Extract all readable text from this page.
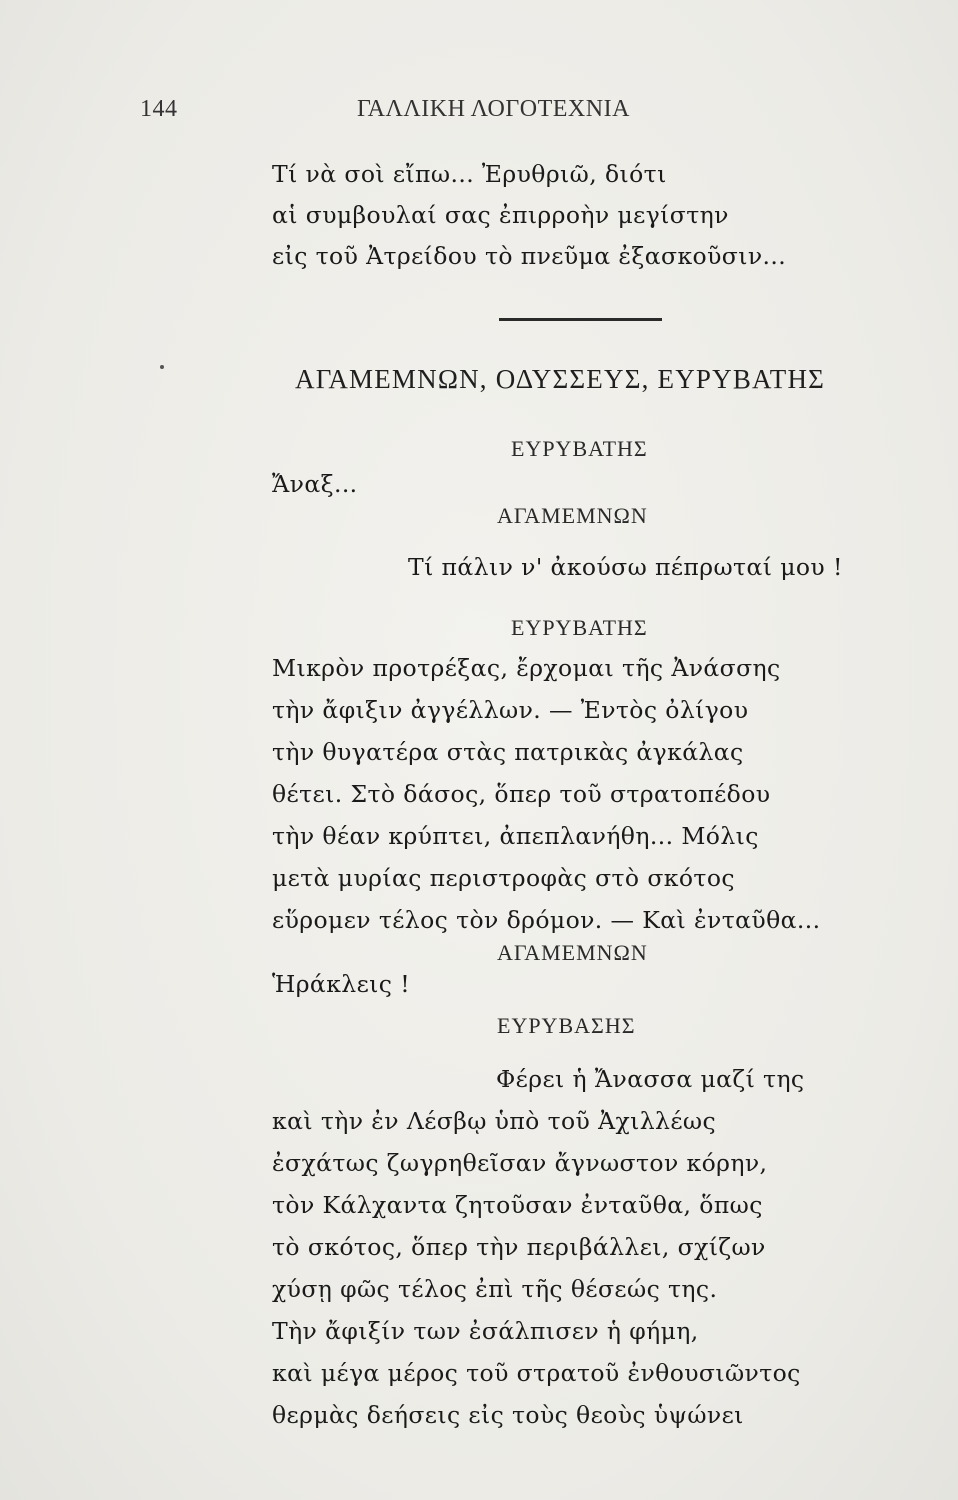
144	ΓΑΛΛΙΚΗ ΛΟΓΟΤΕΧΝΙΑ
Τί νὰ σοὶ εἴπω... Ἐρυθριῶ, διότι
αἱ συμβουλαί σας ἐπιρροὴν μεγίστην
εἰς τοῦ Ἀτρείδου τὸ πνεῦμα ἐξασκοῦσιν...
ΑΓΑΜΕΜΝΩΝ, ΟΔΥΣΣΕΥΣ, ΕΥΡΥΒΑΤΗΣ
ΕΥΡΥΒΑΤΗΣ
Ἄναξ...
ΑΓΑΜΕΜΝΩΝ
Τί πάλιν ν' ἀκούσω πέπρωταί μου !
ΕΥΡΥΒΑΤΗΣ
Μικρὸν προτρέξας, ἔρχομαι τῆς Ἀνάσσης
τὴν ἄφιξιν ἀγγέλλων. — Ἐντὸς ὀλίγου
τὴν θυγατέρα στὰς πατρικὰς ἀγκάλας
θέτει. Στὸ δάσος, ὅπερ τοῦ στρατοπέδου
τὴν θέαν κρύπτει, ἀπεπλανήθη... Μόλις
μετὰ μυρίας περιστροφὰς στὸ σκότος
εὕρομεν τέλος τὸν δρόμον. — Καὶ ἐνταῦθα...
ΑΓΑΜΕΜΝΩΝ
Ἡράκλεις !
ΕΥΡΥΒΑΣΗΣ
Φέρει ἡ Ἄνασσα μαζί της
καὶ τὴν ἐν Λέσβῳ ὑπὸ τοῦ Ἀχιλλέως
ἐσχάτως ζωγρηθεῖσαν ἄγνωστον κόρην,
τὸν Κάλχαντα ζητοῦσαν ἐνταῦθα, ὅπως
τὸ σκότος, ὅπερ τὴν περιβάλλει, σχίζων
χύσῃ φῶς τέλος ἐπὶ τῆς θέσεώς της.
Τὴν ἄφιξίν των ἐσάλπισεν ἡ φήμη,
καὶ μέγα μέρος τοῦ στρατοῦ ἐνθουσιῶντος
θερμὰς δεήσεις εἰς τοὺς θεοὺς ὑψώνει
